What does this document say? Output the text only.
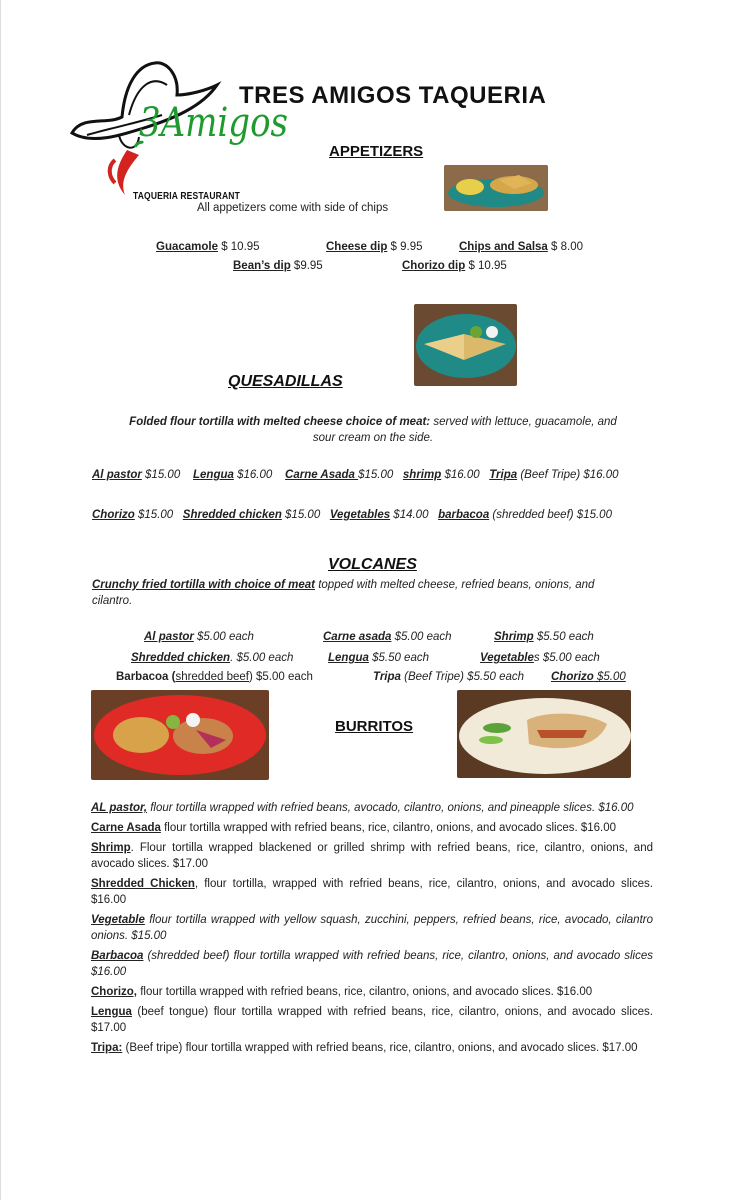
3Amigos
TAQUERIA RESTAURANT
TRES AMIGOS TAQUERIA
APPETIZERS
All appetizers come with side of chips
Guacamole $ 10.95	Cheese dip $ 9.95	Chips and Salsa $ 8.00
Bean’s dip $9.95	Chorizo dip $ 10.95
QUESADILLAS
Folded flour tortilla with melted cheese choice of meat: served with lettuce, guacamole, and
sour cream on the side.
Al pastor $15.00 Lengua $16.00 Carne Asada $15.00 shrimp $16.00 Tripa (Beef Tripe) $16.00
Chorizo $15.00 Shredded chicken $15.00 Vegetables $14.00 barbacoa (shredded beef) $15.00
VOLCANES
Crunchy fried tortilla with choice of meat topped with melted cheese, refried beans, onions, and
cilantro.
Al pastor $5.00 each	Carne asada $5.00 each	Shrimp $5.50 each
Shredded chicken. $5.00 each	Lengua $5.50 each	Vegetables $5.00 each
Barbacoa (shredded beef) $5.00 each	Tripa (Beef Tripe) $5.50 each Chorizo $5.00
BURRITOS

AL pastor, flour tortilla wrapped with refried beans, avocado, cilantro, onions, and pineapple slices. $16.00

Carne Asada flour tortilla wrapped with refried beans, rice, cilantro, onions, and avocado slices. $16.00

Shrimp. Flour tortilla wrapped blackened or grilled shrimp with refried beans, rice, cilantro, onions, and avocado slices. $17.00

Shredded Chicken, flour tortilla, wrapped with refried beans, rice, cilantro, onions, and avocado slices. $16.00

Vegetable flour tortilla wrapped with yellow squash, zucchini, peppers, refried beans, rice, avocado, cilantro onions. $15.00

Barbacoa (shredded beef) flour tortilla wrapped with refried beans, rice, cilantro, onions, and avocado slices $16.00

Chorizo, flour tortilla wrapped with refried beans, rice, cilantro, onions, and avocado slices. $16.00

Lengua (beef tongue) flour tortilla wrapped with refried beans, rice, cilantro, onions, and avocado slices. $17.00

Tripa: (Beef tripe) flour tortilla wrapped with refried beans, rice, cilantro, onions, and avocado slices. $17.00
